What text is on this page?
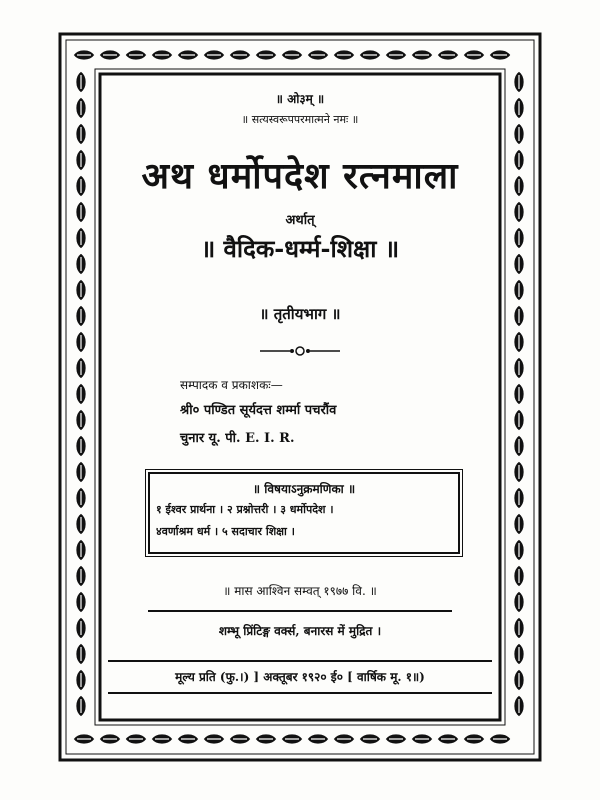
॥ ओ३म् ॥
॥ सत्यस्वरूपपरमात्मने नमः ॥
अथ धर्मोपदेश रत्नमाला
अर्थात्
॥ वैदिक-धर्म्म-शिक्षा ॥
॥ तृतीयभाग ॥
सम्पादक व प्रकाशकः—
श्री० पण्डित सूर्यदत्त शर्म्मा पचरौंव
चुनार यू. पी. E. I. R.
॥ विषयाऽनुक्रमणिका ॥
१ ईश्वर प्रार्थना । २ प्रश्नोत्तरी । ३ धर्मोपदेश ।
४वर्णाश्रम धर्म । ५ सदाचार शिक्षा ।
॥ मास आश्विन सम्वत् १९७७ वि. ॥
शम्भू प्रिंटिङ्ग वर्क्स, बनारस में मुद्रित ।
मूल्य प्रति (फु.।) ] अक्तूबर १९२० ई० [ वार्षिक मू. १॥)
